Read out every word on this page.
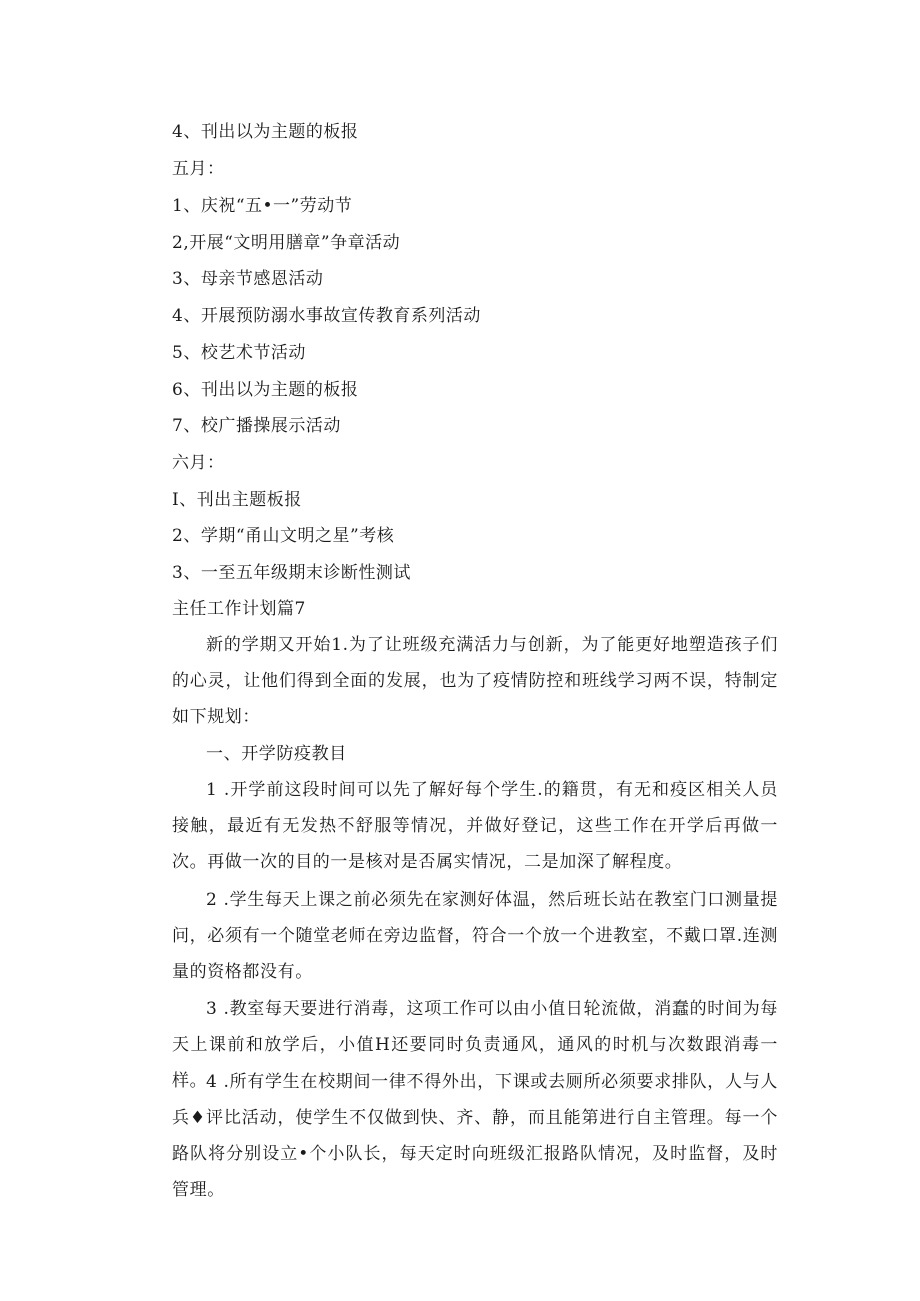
4、刊出以为主题的板报
五月：
1、庆祝“五•一”劳动节
2,开展“文明用膳章”争章活动
3、母亲节感恩活动
4、开展预防溺水事故宣传教育系列活动
5、校艺术节活动
6、刊出以为主题的板报
7、校广播操展示活动
六月：
I、刊出主题板报
2、学期“甬山文明之星”考核
3、一至五年级期末诊断性测试
主任工作计划篇7
新的学期又开始1.为了让班级充满活力与创新，为了能更好地塑造孩子们的心灵，让他们得到全面的发展，也为了疫情防控和班线学习两不误，特制定如下规划：
一、开学防疫教目
1 .开学前这段时间可以先了解好每个学生.的籍贯，有无和疫区相关人员接触，最近有无发热不舒服等情况，并做好登记，这些工作在开学后再做一次。再做一次的目的一是核对是否属实情况，二是加深了解程度。
2 .学生每天上课之前必须先在家测好体温，然后班长站在教室门口测量提问，必须有一个随堂老师在旁边监督，符合一个放一个进教室，不戴口罩.连测量的资格都没有。
3 .教室每天要进行消毒，这项工作可以由小值日轮流做，消蠢的时间为每天上课前和放学后，小值H还要同时负责通风，通风的时机与次数跟消毒一样。
4 .所有学生在校期间一律不得外出，下课或去厕所必须要求排队，人与人兵♦评比活动，使学生不仅做到快、齐、静，而且能第进行自主管理。每一个路队将分别设立•个小队长，每天定时向班级汇报路队情况，及时监督，及时管理。
